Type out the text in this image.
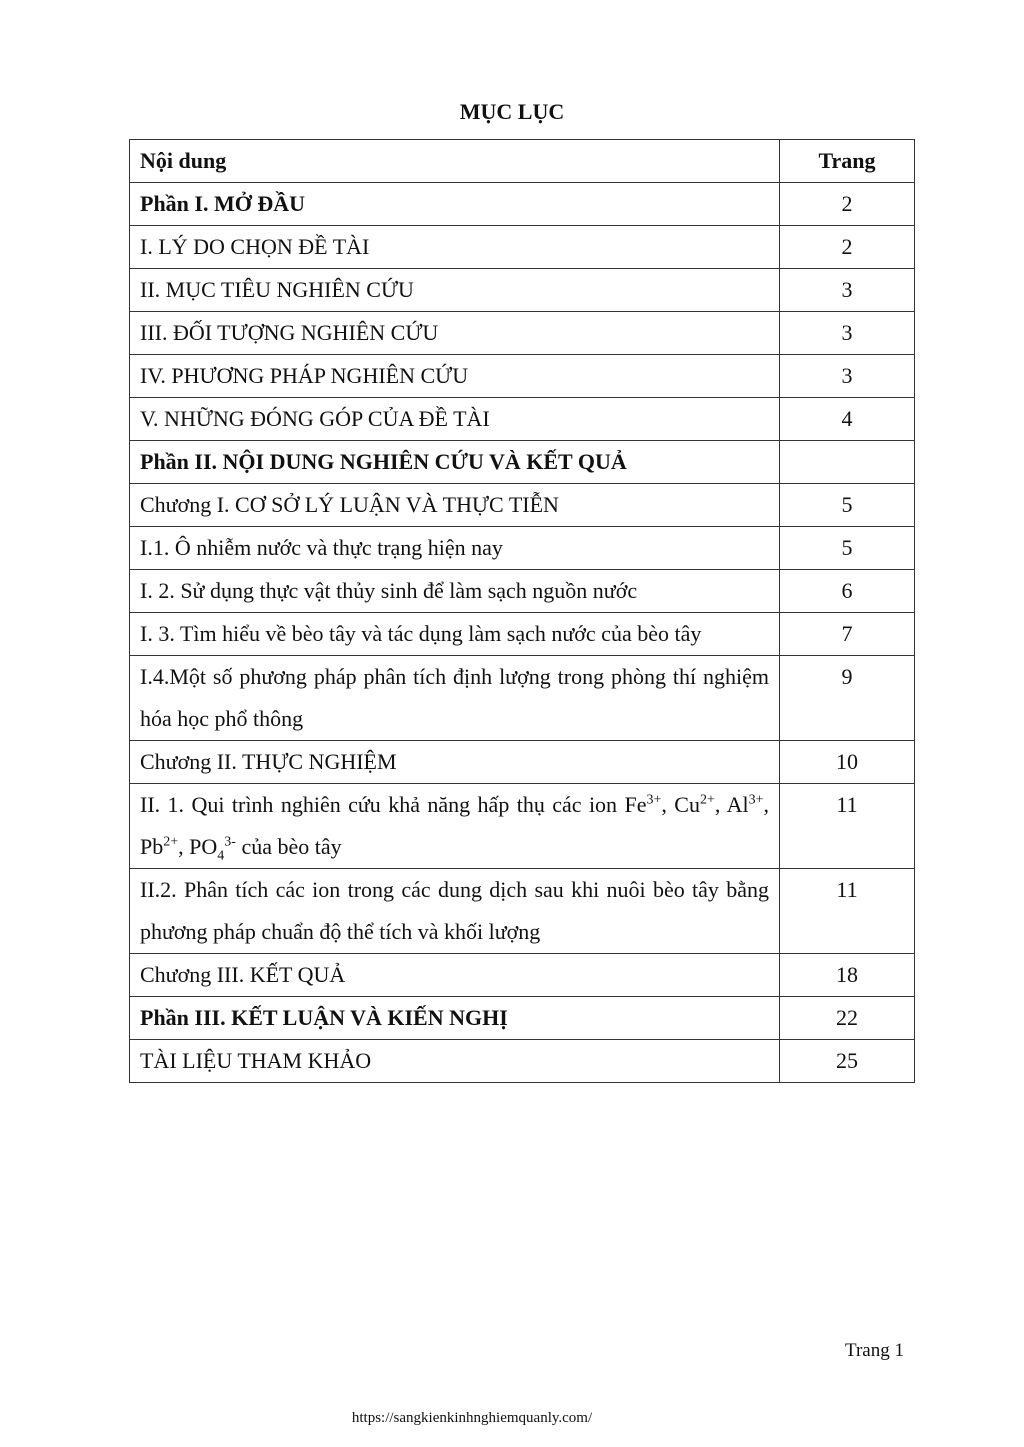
MỤC LỤC
Nội dung	Trang
Phần I. MỞ ĐẦU	2
I. LÝ DO CHỌN ĐỀ TÀI	2
II. MỤC TIÊU NGHIÊN CỨU	3
III. ĐỐI TƯỢNG NGHIÊN CỨU	3
IV. PHƯƠNG PHÁP NGHIÊN CỨU	3
V. NHỮNG ĐÓNG GÓP CỦA ĐỀ TÀI	4
Phần II. NỘI DUNG NGHIÊN CỨU VÀ KẾT QUẢ	
Chương I. CƠ SỞ LÝ LUẬN VÀ THỰC TIỄN	5
I.1. Ô nhiễm nước và thực trạng hiện nay	5
I. 2. Sử dụng thực vật thủy sinh để làm sạch nguồn nước	6
I. 3. Tìm hiểu về bèo tây và tác dụng làm sạch nước của bèo tây	7
I.4.Một số phương pháp phân tích định lượng trong phòng thí nghiệm hóa học phổ thông	9
Chương II. THỰC NGHIỆM	10
II. 1. Qui trình nghiên cứu khả năng hấp thụ các ion $Fe^{3+}$, $Cu^{2+}$, $Al^{3+}$, $Pb^{2+}$, $PO_4^{3-}$ của bèo tây	11
II.2. Phân tích các ion trong các dung dịch sau khi nuôi bèo tây bằng phương pháp chuẩn độ thể tích và khối lượng	11
Chương III. KẾT QUẢ	18
Phần III. KẾT LUẬN VÀ KIẾN NGHỊ	22
TÀI LIỆU THAM KHẢO	25
Trang 1
https://sangkienkinhnghiemquanly.com/
